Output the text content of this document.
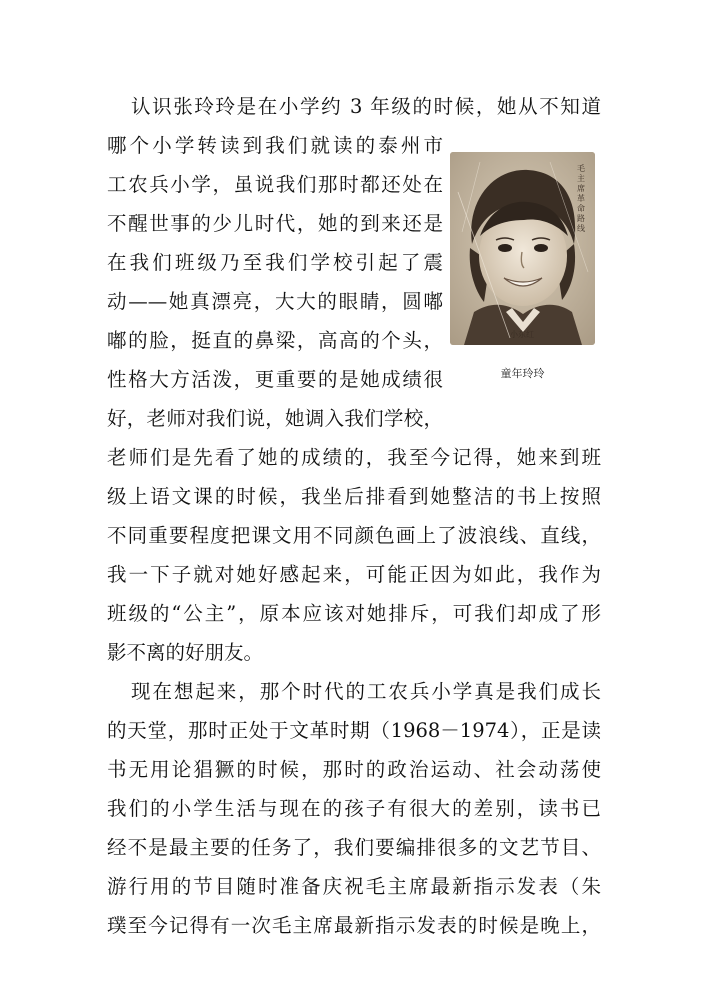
认识张玲玲是在小学约 3 年级的时候，她从不知道
哪个小学转读到我们就读的泰州市
工农兵小学，虽说我们那时都还处在
不醒世事的少儿时代，她的到来还是
在我们班级乃至我们学校引起了震
动——她真漂亮，大大的眼睛，圆嘟
嘟的脸，挺直的鼻梁，高高的个头，
性格大方活泼，更重要的是她成绩很
好，老师对我们说，她调入我们学校，
老师们是先看了她的成绩的，我至今记得，她来到班
级上语文课的时候，我坐后排看到她整洁的书上按照
不同重要程度把课文用不同颜色画上了波浪线、直线，
我一下子就对她好感起来，可能正因为如此，我作为
班级的“公主”，原本应该对她排斥，可我们却成了形
影不离的好朋友。
现在想起来，那个时代的工农兵小学真是我们成长
的天堂，那时正处于文革时期（1968－1974），正是读
书无用论猖獗的时候，那时的政治运动、社会动荡使
我们的小学生活与现在的孩子有很大的差别，读书已
经不是最主要的任务了，我们要编排很多的文艺节目、
游行用的节目随时准备庆祝毛主席最新指示发表（朱
璞至今记得有一次毛主席最新指示发表的时候是晚上，
毛主席革命路线
小东红
童年玲玲
